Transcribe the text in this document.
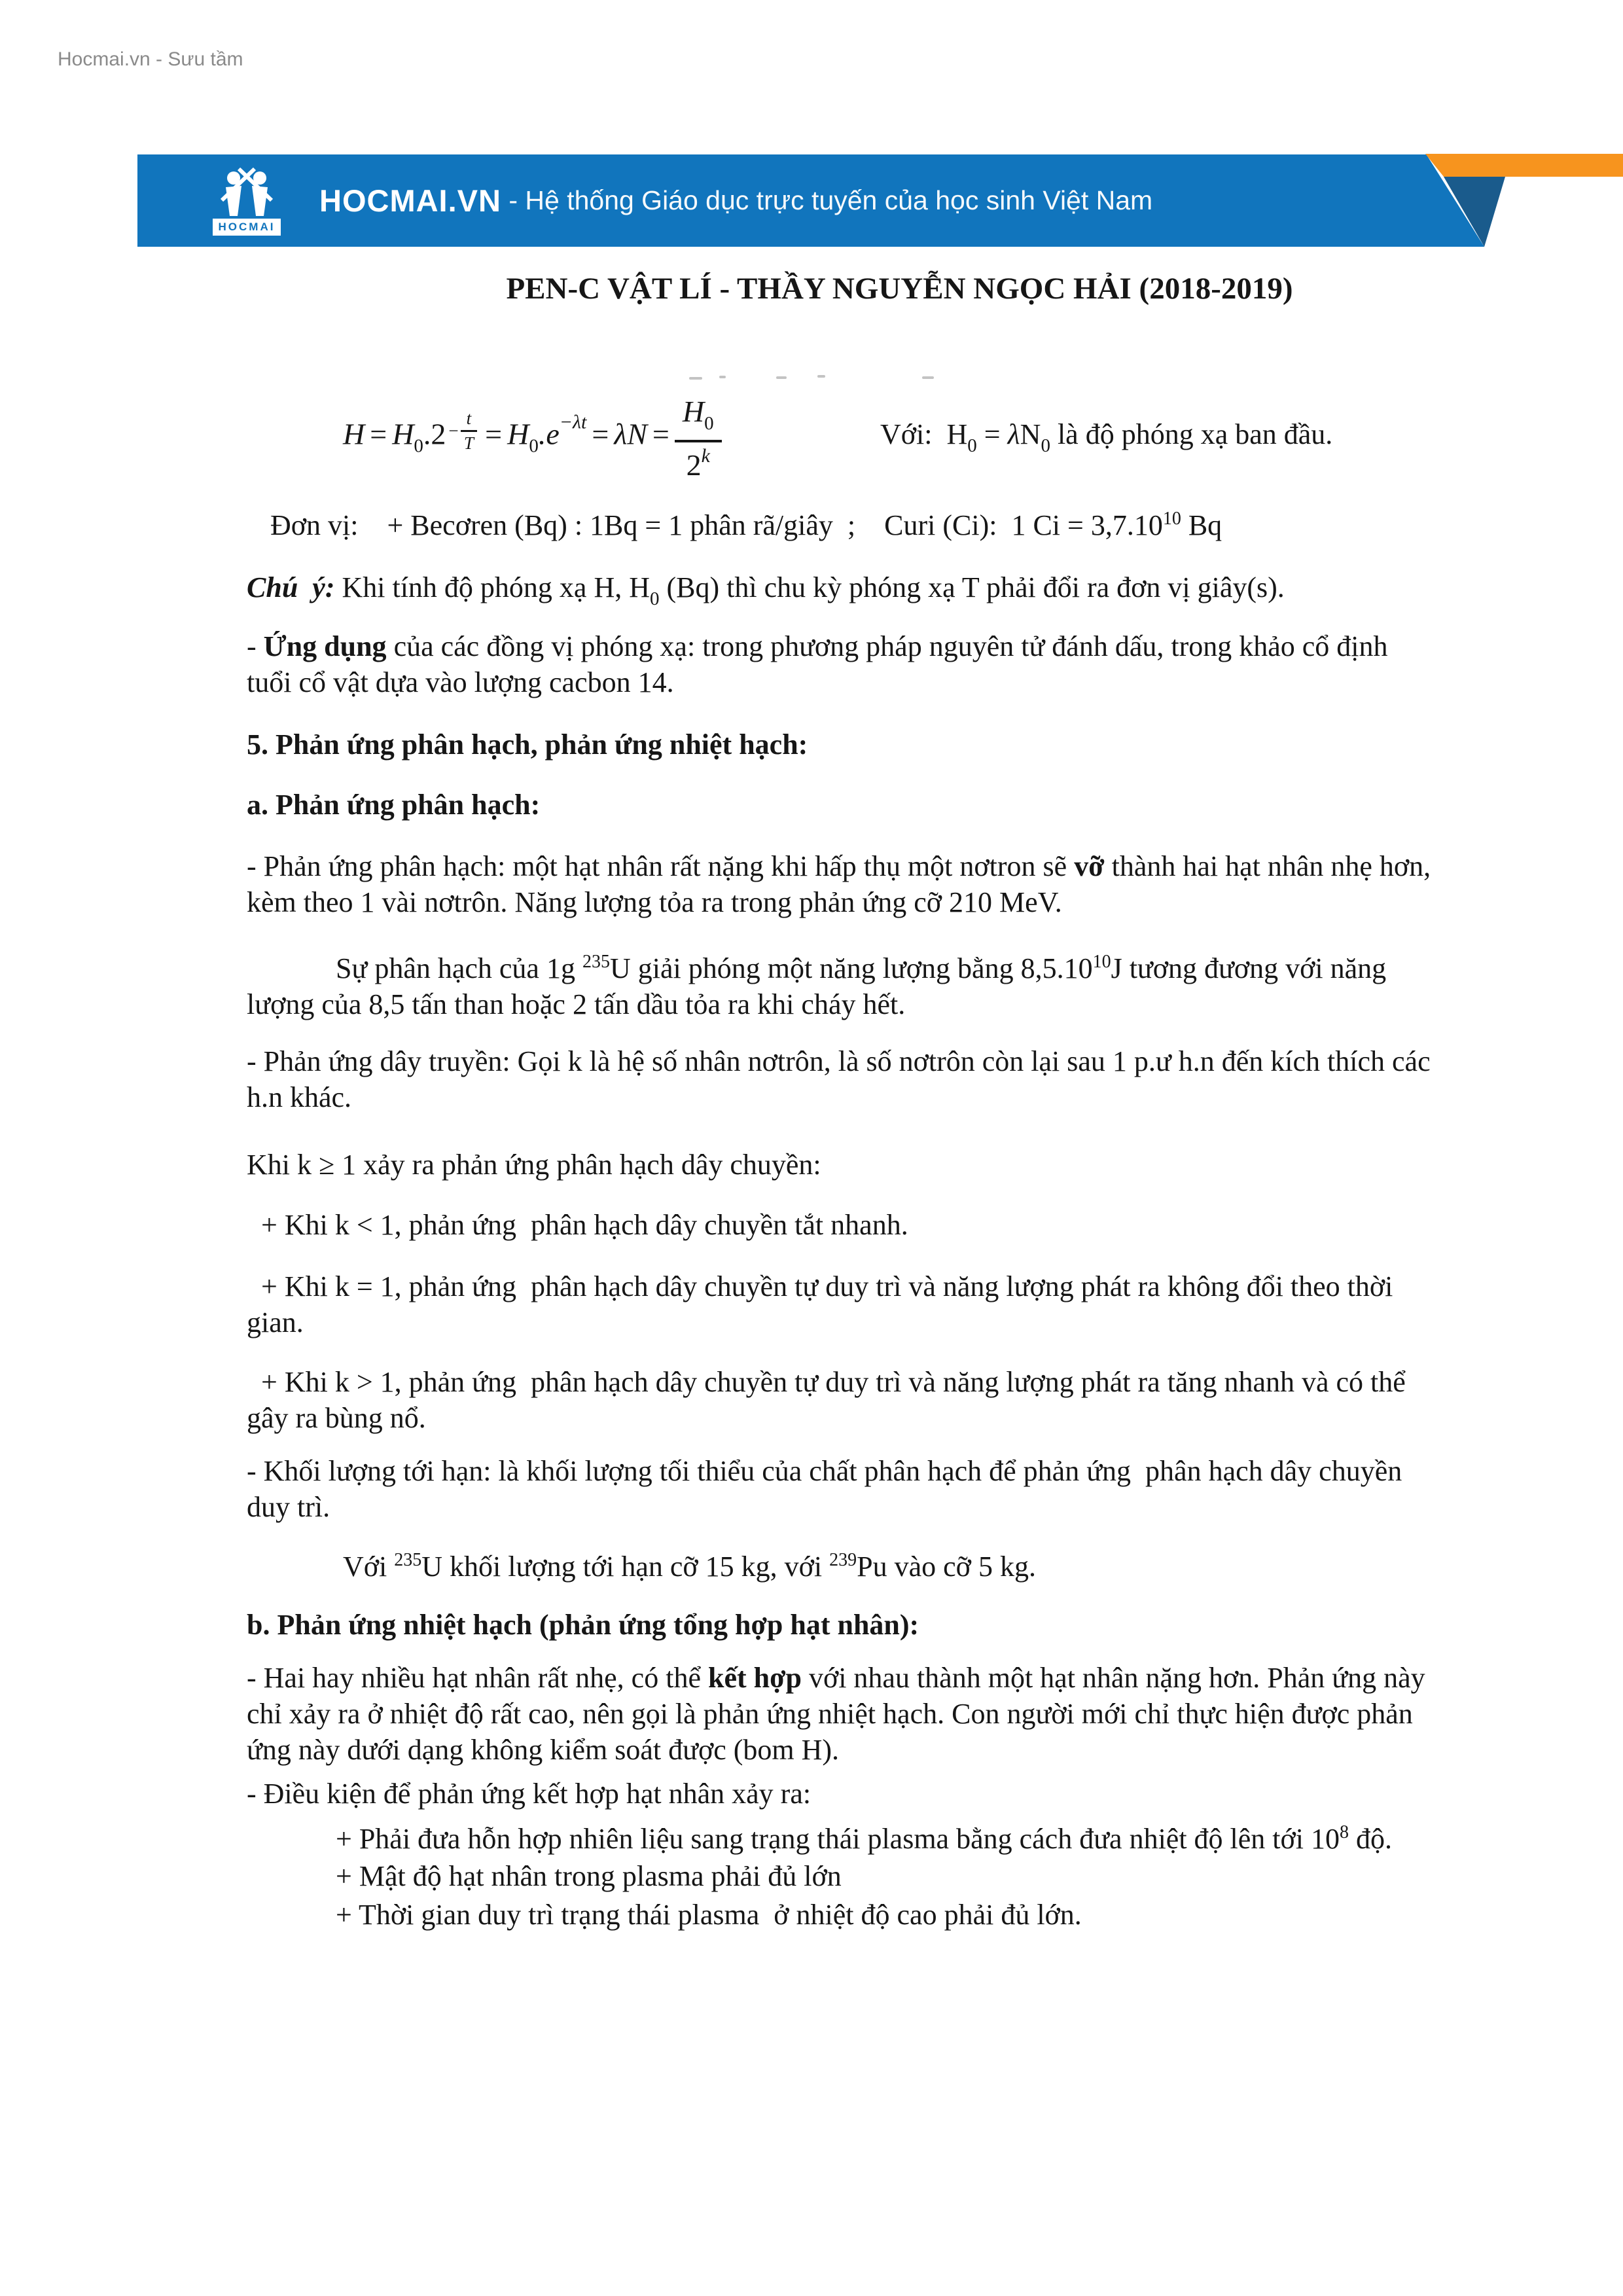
Hocmai.vn - Sưu tầm
HOCMAI
HOCMAI.VN - Hệ thống Giáo dục trực tuyến của học sinh Việt Nam
PEN-C VẬT LÍ - THẦY NGUYỄN NGỌC HẢI (2018-2019)
$H = H_0.2 - \frac{t}{T} = H_0.e^{-\lambda t} = \lambda N = \frac{H_0}{2^k}$	Với:  $H_0 = \lambda N_0$ là độ phóng xạ ban đầu.
Đơn vị:    + Becơren (Bq) : 1Bq = 1 phân rã/giây  ;    Curi (Ci):  1 $Ci = 3,7.10^{10}$ Bq
Chú  ý: Khi tính độ phóng xạ H, $H_0$ (Bq) thì chu kỳ phóng xạ T phải đổi ra đơn vị giây(s).
- Ứng dụng của các đồng vị phóng xạ: trong phương pháp nguyên tử đánh dấu, trong khảo cổ định
tuổi cổ vật dựa vào lượng cacbon 14.
5. Phản ứng phân hạch, phản ứng nhiệt hạch:
a. Phản ứng phân hạch:
- Phản ứng phân hạch: một hạt nhân rất nặng khi hấp thụ một nơtron sẽ vỡ thành hai hạt nhân nhẹ hơn,
kèm theo 1 vài nơtrôn. Năng lượng tỏa ra trong phản ứng cỡ 210 MeV.
Sự phân hạch của 1g $^{235}$U giải phóng một năng lượng bằng 8,5.10$^{10}$J tương đương với năng
lượng của 8,5 tấn than hoặc 2 tấn dầu tỏa ra khi cháy hết.
- Phản ứng dây truyền: Gọi k là hệ số nhân nơtrôn, là số nơtrôn còn lại sau 1 p.ư h.n đến kích thích các
h.n khác.
Khi k ≥ 1 xảy ra phản ứng phân hạch dây chuyền:
+ Khi k < 1, phản ứng  phân hạch dây chuyền tắt nhanh.
+ Khi k = 1, phản ứng  phân hạch dây chuyền tự duy trì và năng lượng phát ra không đổi theo thời
gian.
+ Khi k > 1, phản ứng  phân hạch dây chuyền tự duy trì và năng lượng phát ra tăng nhanh và có thể
gây ra bùng nổ.
- Khối lượng tới hạn: là khối lượng tối thiểu của chất phân hạch để phản ứng  phân hạch dây chuyền
duy trì.
Với $^{235}$U khối lượng tới hạn cỡ 15 kg, với $^{239}$Pu vào cỡ 5 kg.
b. Phản ứng nhiệt hạch (phản ứng tổng hợp hạt nhân):
- Hai hay nhiều hạt nhân rất nhẹ, có thể kết hợp với nhau thành một hạt nhân nặng hơn. Phản ứng này
chỉ xảy ra ở nhiệt độ rất cao, nên gọi là phản ứng nhiệt hạch. Con người mới chỉ thực hiện được phản
ứng này dưới dạng không kiểm soát được (bom H).
- Điều kiện để phản ứng kết hợp hạt nhân xảy ra:
+ Phải đưa hỗn hợp nhiên liệu sang trạng thái plasma bằng cách đưa nhiệt độ lên tới $10^8$ độ.
+ Mật độ hạt nhân trong plasma phải đủ lớn
+ Thời gian duy trì trạng thái plasma  ở nhiệt độ cao phải đủ lớn.
